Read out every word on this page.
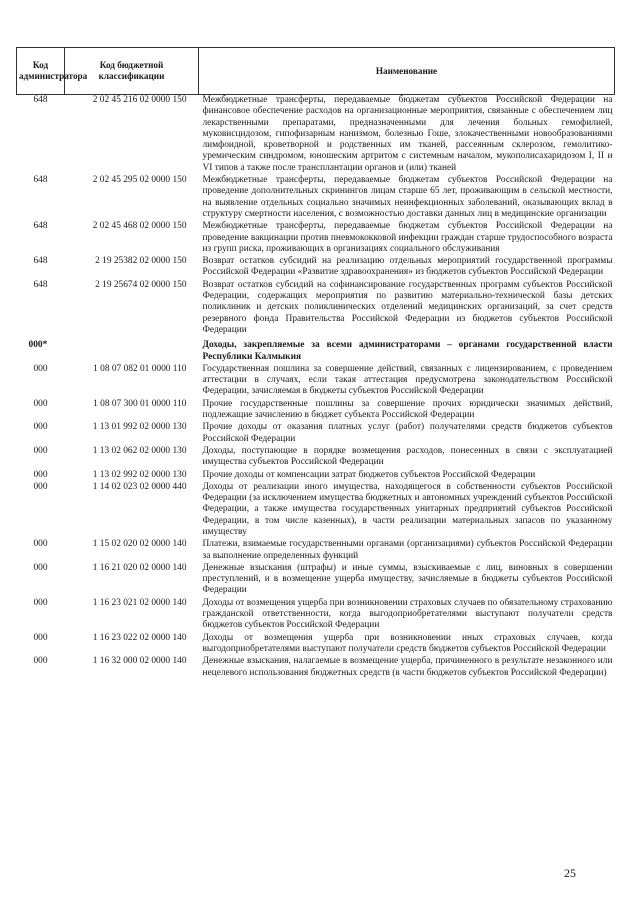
Код администратора	Код бюджетной классификации	Наименование
648	2 02 45 216 02 0000 150	Межбюджетные трансферты, передаваемые бюджетам субъектов Российской Федерации на финансовое обеспечение расходов на организационные мероприятия, связанные с обеспечением лиц лекарственными препаратами, предназначенными для лечения больных гемофилией, муковисцидозом, гипофизарным нанизмом, болезнью Гоше, злокачественными новообразованиями лимфоидной, кроветворной и родственных им тканей, рассеянным склерозом, гемолитико-уремическим синдромом, юношеским артритом с системным началом, мукополисахаридозом I, II и VI типов а также после трансплантации органов и (или) тканей
648	2 02 45 295 02 0000 150	Межбюджетные трансферты, передаваемые бюджетам субъектов Российской Федерации на проведение дополнительных скринингов лицам старше 65 лет, проживающим в сельской местности, на выявление отдельных социально значимых неинфекционных заболеваний, оказывающих вклад в структуру смертности населения, с возможностью доставки данных лиц в медицинские организации
648	2 02 45 468 02 0000 150	Межбюджетные трансферты, передаваемые бюджетам субъектов Российской Федерации на проведение вакцинации против пневмококковой инфекции граждан старше трудоспособного возраста из групп риска, проживающих в организациях социального обслуживания
648	2 19 25382 02 0000 150	Возврат остатков субсидий на реализацию отдельных мероприятий государственной программы Российской Федерации «Развитие здравоохранения» из бюджетов субъектов Российской Федерации
648	2 19 25674 02 0000 150	Возврат остатков субсидий на софинансирование государственных программ субъектов Российской Федерации, содержащих мероприятия по развитию материально-технической базы детских поликлиник и детских поликлинических отделений медицинских организаций, за счет средств резервного фонда Правительства Российской Федерации из бюджетов субъектов Российской Федерации
000*		Доходы, закрепляемые за всеми администраторами – органами государственной власти Республики Калмыкия
000	1 08 07 082 01 0000 110	Государственная пошлина за совершение действий, связанных с лицензированием, с проведением аттестации в случаях, если такая аттестация предусмотрена законодательством Российской Федерации, зачисляемая в бюджеты субъектов Российской Федерации
000	1 08 07 300 01 0000 110	Прочие государственные пошлины за совершение прочих юридически значимых действий, подлежащие зачислению в бюджет субъекта Российской Федерации
000	1 13 01 992 02 0000 130	Прочие доходы от оказания платных услуг (работ) получателями средств бюджетов субъектов Российской Федерации
000	1 13 02 062 02 0000 130	Доходы, поступающие в порядке возмещения расходов, понесенных в связи с эксплуатацией имущества субъектов Российской Федерации
000	1 13 02 992 02 0000 130	Прочие доходы от компенсации затрат бюджетов субъектов Российской Федерации
000	1 14 02 023 02 0000 440	Доходы от реализации иного имущества, находящегося в собственности субъектов Российской Федерации (за исключением имущества бюджетных и автономных учреждений субъектов Российской Федерации, а также имущества государственных унитарных предприятий субъектов Российской Федерации, в том числе казенных), в части реализации материальных запасов по указанному имуществу
000	1 15 02 020 02 0000 140	Платежи, взимаемые государственными органами (организациями) субъектов Российской Федерации за выполнение определенных функций
000	1 16 21 020 02 0000 140	Денежные взыскания (штрафы) и иные суммы, взыскиваемые с лиц, виновных в совершении преступлений, и в возмещение ущерба имуществу, зачисляемые в бюджеты субъектов Российской Федерации
000	1 16 23 021 02 0000 140	Доходы от возмещения ущерба при возникновении страховых случаев по обязательному страхованию гражданской ответственности, когда выгодоприобретателями выступают получатели средств бюджетов субъектов Российской Федерации
000	1 16 23 022 02 0000 140	Доходы от возмещения ущерба при возникновении иных страховых случаев, когда выгодоприобретателями выступают получатели средств бюджетов субъектов Российской Федерации
000	1 16 32 000 02 0000 140	Денежные взыскания, налагаемые в возмещение ущерба, причиненного в результате незаконного или нецелевого использования бюджетных средств (в части бюджетов субъектов Российской Федерации)
25
